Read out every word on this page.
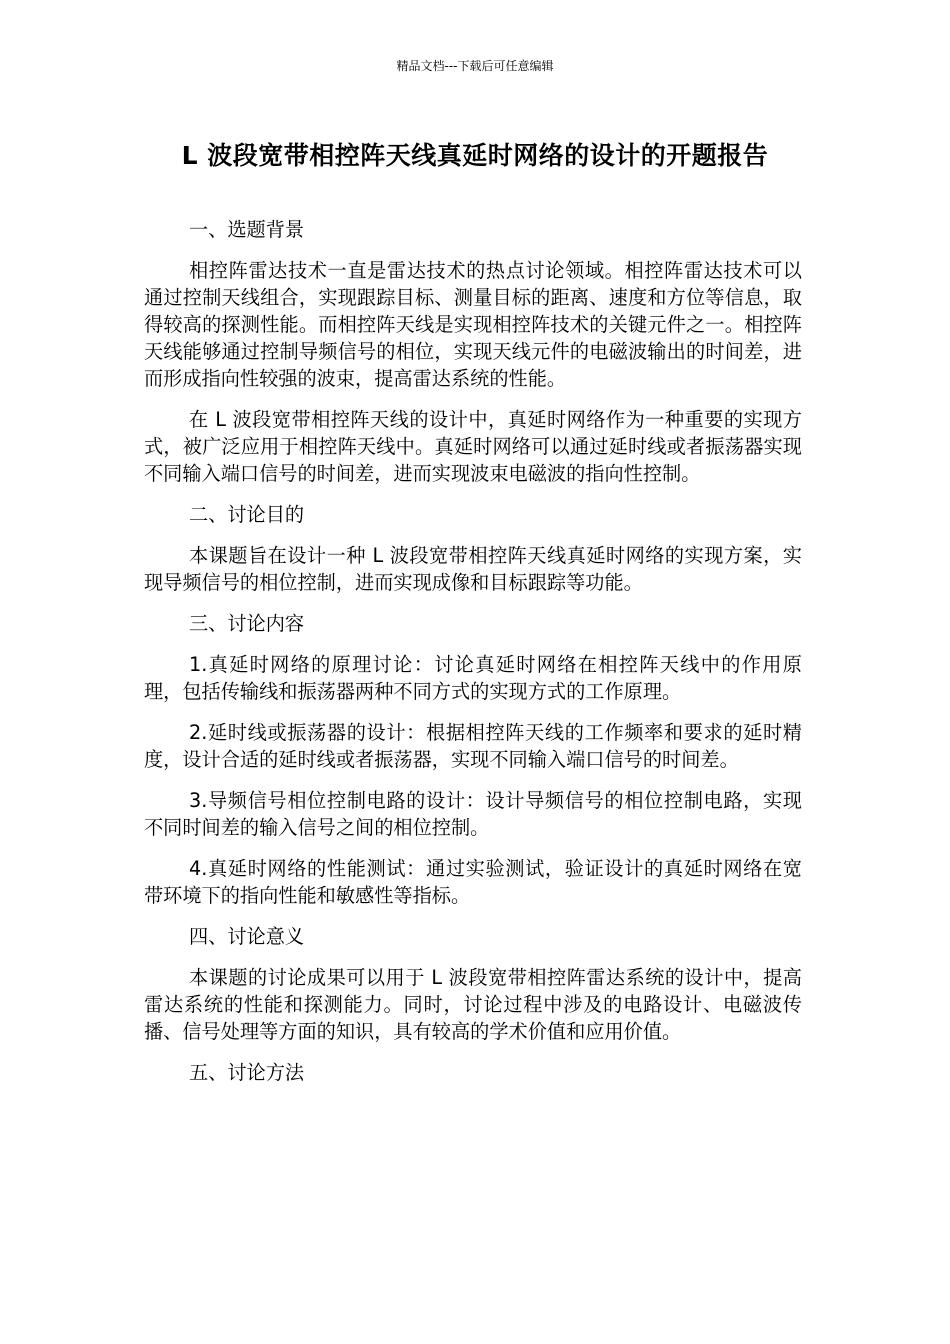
精品文档---下载后可任意编辑
L 波段宽带相控阵天线真延时网络的设计的开题报告

一、选题背景

相控阵雷达技术一直是雷达技术的热点讨论领域。相控阵雷达技术可以通过控制天线组合，实现跟踪目标、测量目标的距离、速度和方位等信息，取得较高的探测性能。而相控阵天线是实现相控阵技术的关键元件之一。相控阵天线能够通过控制导频信号的相位，实现天线元件的电磁波输出的时间差，进而形成指向性较强的波束，提高雷达系统的性能。

在 L 波段宽带相控阵天线的设计中，真延时网络作为一种重要的实现方式，被广泛应用于相控阵天线中。真延时网络可以通过延时线或者振荡器实现不同输入端口信号的时间差，进而实现波束电磁波的指向性控制。

二、讨论目的

本课题旨在设计一种 L 波段宽带相控阵天线真延时网络的实现方案，实现导频信号的相位控制，进而实现成像和目标跟踪等功能。

三、讨论内容

1.真延时网络的原理讨论：讨论真延时网络在相控阵天线中的作用原理，包括传输线和振荡器两种不同方式的实现方式的工作原理。

2.延时线或振荡器的设计：根据相控阵天线的工作频率和要求的延时精度，设计合适的延时线或者振荡器，实现不同输入端口信号的时间差。

3.导频信号相位控制电路的设计：设计导频信号的相位控制电路，实现不同时间差的输入信号之间的相位控制。

4.真延时网络的性能测试：通过实验测试，验证设计的真延时网络在宽带环境下的指向性能和敏感性等指标。

四、讨论意义

本课题的讨论成果可以用于 L 波段宽带相控阵雷达系统的设计中，提高雷达系统的性能和探测能力。同时，讨论过程中涉及的电路设计、电磁波传播、信号处理等方面的知识，具有较高的学术价值和应用价值。

五、讨论方法
